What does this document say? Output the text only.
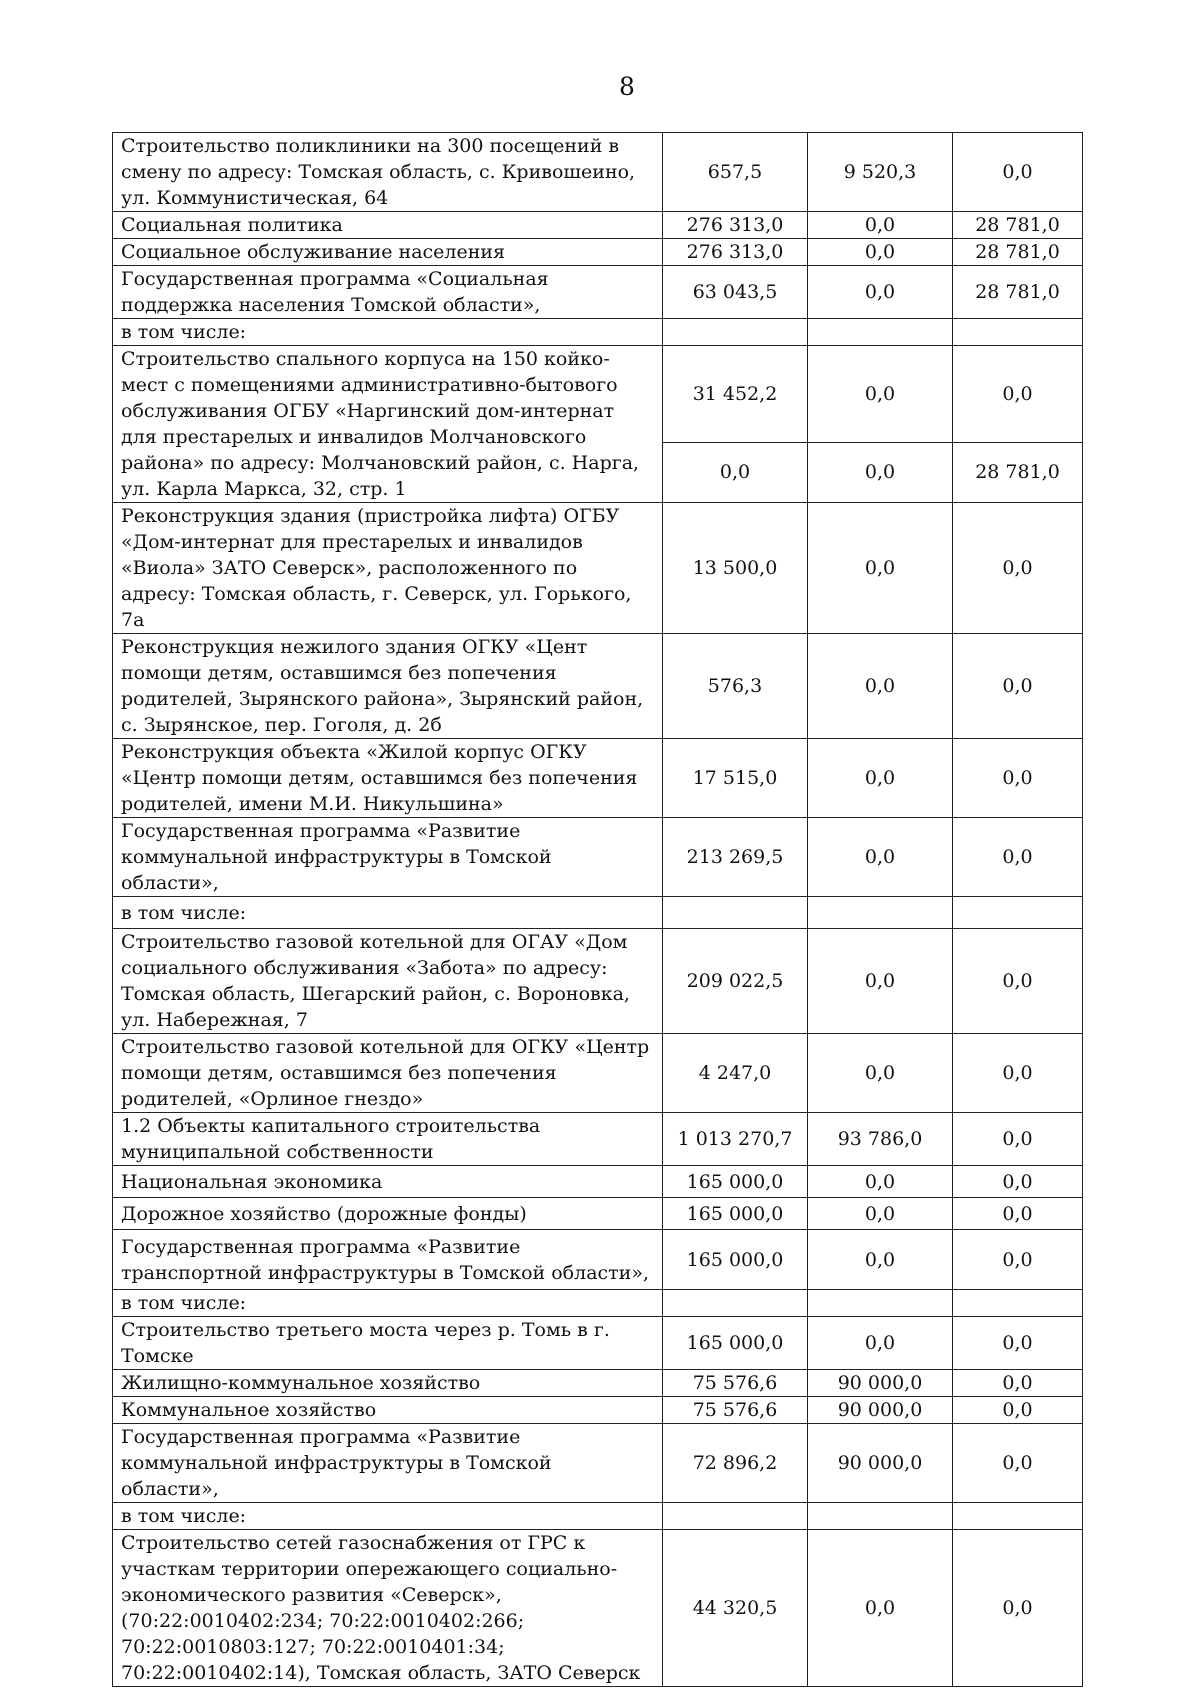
8
Строительство поликлиники на 300 посещений в смену по адресу: Томская область, с. Кривошеино, ул. Коммунистическая, 64	657,5	9 520,3	0,0
Социальная политика	276 313,0	0,0	28 781,0
Социальное обслуживание населения	276 313,0	0,0	28 781,0
Государственная программа «Социальная поддержка населения Томской области»,	63 043,5	0,0	28 781,0
в том числе:			
Строительство спального корпуса на 150 койко-мест с помещениями административно-бытового обслуживания ОГБУ «Наргинский дом-интернат для престарелых и инвалидов Молчановского района» по адресу: Молчановский район, с. Нарга, ул. Карла Маркса, 32, стр. 1	31 452,2	0,0	0,0
	0,0	0,0	28 781,0
Реконструкция здания (пристройка лифта) ОГБУ «Дом-интернат для престарелых и инвалидов «Виола» ЗАТО Северск», расположенного по адресу: Томская область, г. Северск, ул. Горького, 7а	13 500,0	0,0	0,0
Реконструкция нежилого здания ОГКУ «Цент помощи детям, оставшимся без попечения родителей, Зырянского района», Зырянский район, с. Зырянское, пер. Гоголя, д. 2б	576,3	0,0	0,0
Реконструкция объекта «Жилой корпус ОГКУ «Центр помощи детям, оставшимся без попечения родителей, имени М.И. Никульшина»	17 515,0	0,0	0,0
Государственная программа «Развитие коммунальной инфраструктуры в Томской области»,	213 269,5	0,0	0,0
в том числе:			
Строительство газовой котельной для ОГАУ «Дом социального обслуживания «Забота» по адресу: Томская область, Шегарский район, с. Вороновка, ул. Набережная, 7	209 022,5	0,0	0,0
Строительство газовой котельной для ОГКУ «Центр помощи детям, оставшимся без попечения родителей, «Орлиное гнездо»	4 247,0	0,0	0,0
1.2 Объекты капитального строительства муниципальной собственности	1 013 270,7	93 786,0	0,0
Национальная экономика	165 000,0	0,0	0,0
Дорожное хозяйство (дорожные фонды)	165 000,0	0,0	0,0
Государственная программа «Развитие транспортной инфраструктуры в Томской области»,	165 000,0	0,0	0,0
в том числе:			
Строительство третьего моста через р. Томь в г. Томске	165 000,0	0,0	0,0
Жилищно-коммунальное хозяйство	75 576,6	90 000,0	0,0
Коммунальное хозяйство	75 576,6	90 000,0	0,0
Государственная программа «Развитие коммунальной инфраструктуры в Томской области»,	72 896,2	90 000,0	0,0
в том числе:			
Строительство сетей газоснабжения от ГРС к участкам территории опережающего социально-экономического развития «Северск», (70:22:0010402:234; 70:22:0010402:266; 70:22:0010803:127; 70:22:0010401:34; 70:22:0010402:14), Томская область, ЗАТО Северск	44 320,5	0,0	0,0
